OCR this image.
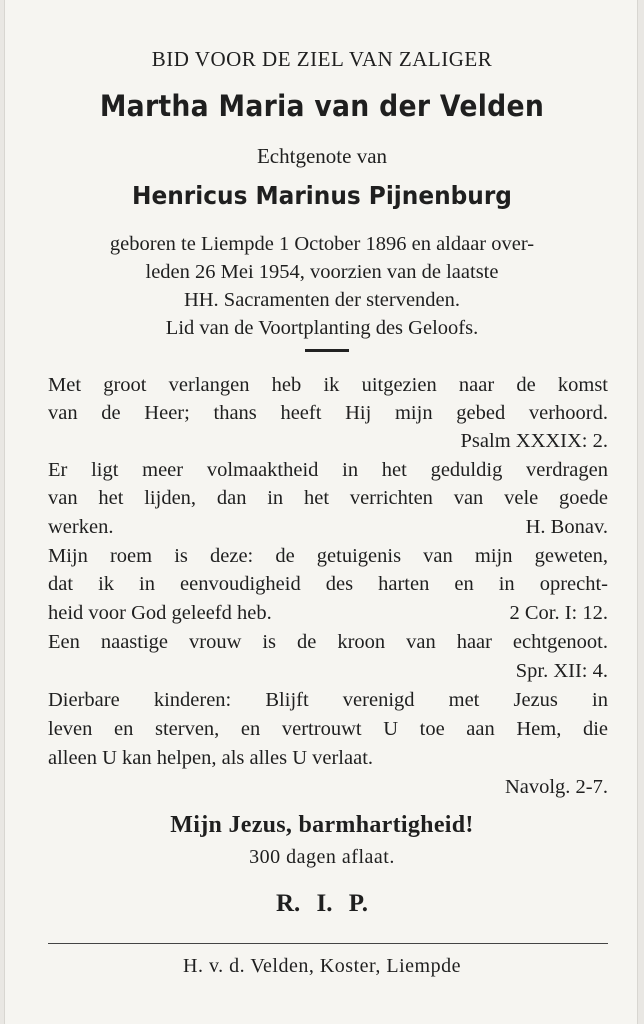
BID VOOR DE ZIEL VAN ZALIGER
Martha Maria van der Velden
Echtgenote van
Henricus Marinus Pijnenburg
geboren te Liempde 1 October 1896 en aldaar over-
leden 26 Mei 1954, voorzien van de laatste
HH. Sacramenten der stervenden.
Lid van de Voortplanting des Geloofs.
Met groot verlangen heb ik uitgezien naar de komst
van de Heer; thans heeft Hij mijn gebed verhoord.
Psalm XXXIX: 2.
Er ligt meer volmaaktheid in het geduldig verdragen
van het lijden, dan in het verrichten van vele goede
werken.	H. Bonav.
Mijn roem is deze: de getuigenis van mijn geweten,
dat ik in eenvoudigheid des harten en in oprecht-
heid voor God geleefd heb.	2 Cor. I: 12.
Een naastige vrouw is de kroon van haar echtgenoot.
Spr. XII: 4.
Dierbare kinderen: Blijft verenigd met Jezus in
leven en sterven, en vertrouwt U toe aan Hem, die
alleen U kan helpen, als alles U verlaat.
Navolg. 2-7.
Mijn Jezus, barmhartigheid!
300 dagen aflaat.
R. I. P.
H. v. d. Velden, Koster, Liempde
